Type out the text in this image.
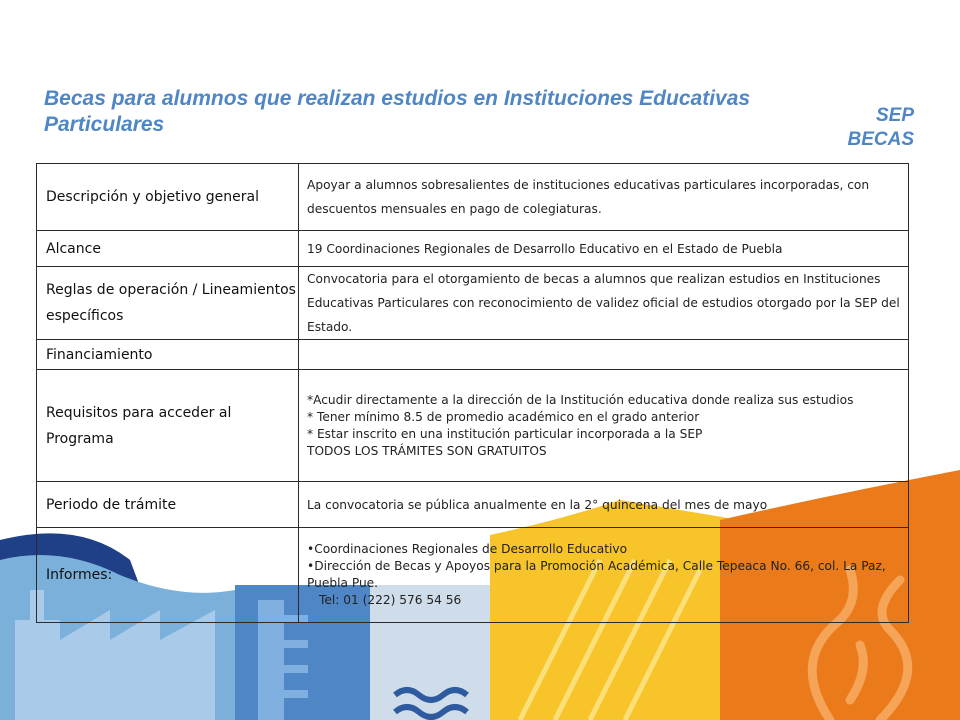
Becas para alumnos que realizan estudios en Instituciones Educativas Particulares	SEP
BECAS
Descripción y objetivo general	Apoyar a alumnos sobresalientes de instituciones educativas particulares incorporadas, con descuentos mensuales en pago de colegiaturas.
Alcance	19 Coordinaciones Regionales de Desarrollo Educativo en el Estado de Puebla
Reglas de operación / Lineamientos específicos	Convocatoria para el otorgamiento de becas a alumnos que realizan estudios en Instituciones Educativas Particulares con reconocimiento de validez oficial de estudios otorgado por la SEP del Estado.
Financiamiento	
Requisitos para acceder al Programa	*Acudir directamente a la dirección de la Institución educativa donde realiza sus estudios
* Tener mínimo 8.5 de promedio académico en el grado anterior
* Estar inscrito en una institución particular incorporada a la SEP
TODOS LOS TRÁMITES SON GRATUITOS

Periodo de trámite	La convocatoria se pública anualmente en la 2° quincena del mes de mayo
Informes:	• Coordinaciones Regionales de Desarrollo Educativo
• Dirección de Becas y Apoyos para la Promoción Académica, Calle Tepeaca No. 66, col. La Paz, Puebla Pue.
Tel: 01 (222) 576 54 56
